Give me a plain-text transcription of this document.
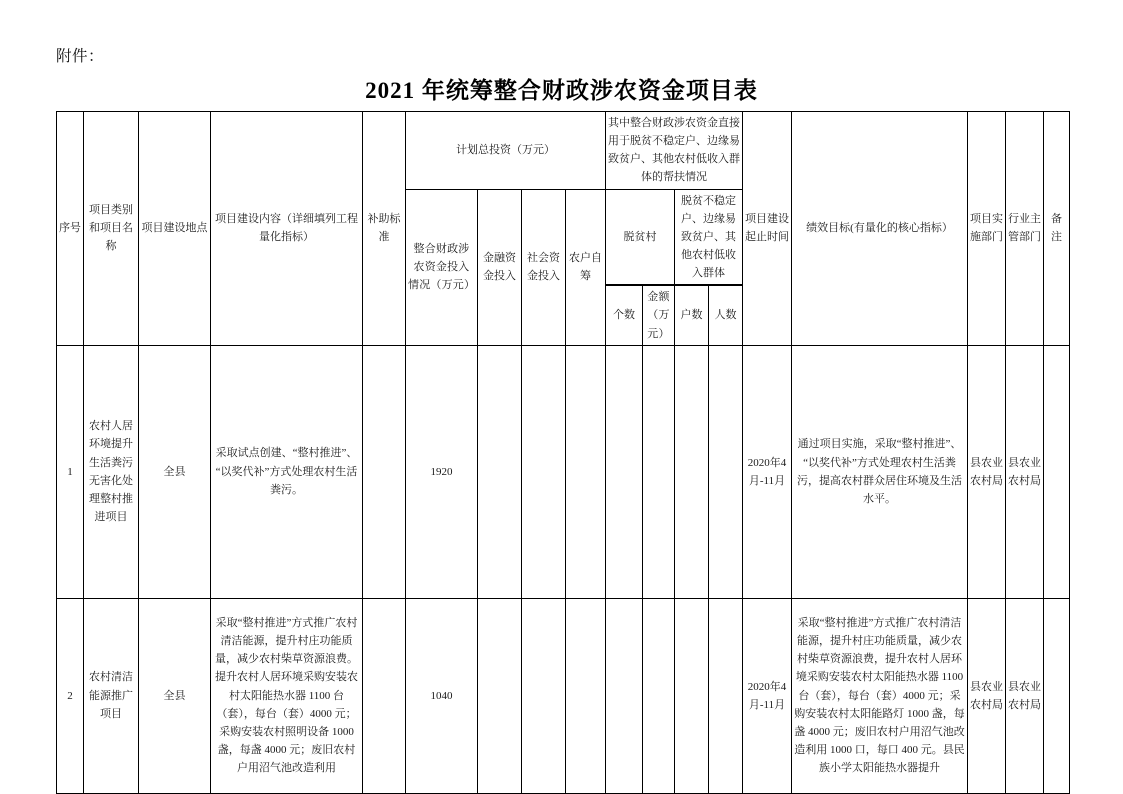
附件：
2021 年统筹整合财政涉农资金项目表
序号	项目类别和项目名称	项目建设地点	项目建设内容（详细填列工程量化指标）	补助标准	计划总投资（万元）				其中整合财政涉农资金直接用于脱贫不稳定户、边缘易致贫户、其他农村低收入群体的帮扶情况				项目建设起止时间	绩效目标(有量化的核心指标）	项目实施部门	行业主管部门	备注
					整合财政涉农资金投入情况（万元）	金融资金投入	社会资金投入	农户自筹	脱贫村		脱贫不稳定户、边缘易致贫户、其他农村低收入群体						

									个数	金额（万元）	户数	人数					
1	农村人居环境提升生活粪污无害化处理整村推进项目	全县	采取试点创建、“整村推进”、“以奖代补”方式处理农村生活粪污。		1920								2020年4月-11月	通过项目实施，采取“整村推进”、“以奖代补”方式处理农村生活粪污，提高农村群众居住环境及生活水平。	县农业农村局	县农业农村局	
2	农村清洁能源推广项目	全县	采取“整村推进”方式推广农村清洁能源，提升村庄功能质量，减少农村柴草资源浪费。提升农村人居环境采购安装农村太阳能热水器 1100 台（套），每台（套）4000 元；采购安装农村照明设备 1000 盏，每盏 4000 元；废旧农村户用沼气池改造利用		1040								2020年4月-11月	采取“整村推进”方式推广农村清洁能源，提升村庄功能质量，减少农村柴草资源浪费，提升农村人居环境采购安装农村太阳能热水器 1100 台（套），每台（套）4000 元；采购安装农村太阳能路灯 1000 盏，每盏 4000 元；废旧农村户用沼气池改造利用 1000 口，每口 400 元。县民族小学太阳能热水器提升	县农业农村局	县农业农村局	
